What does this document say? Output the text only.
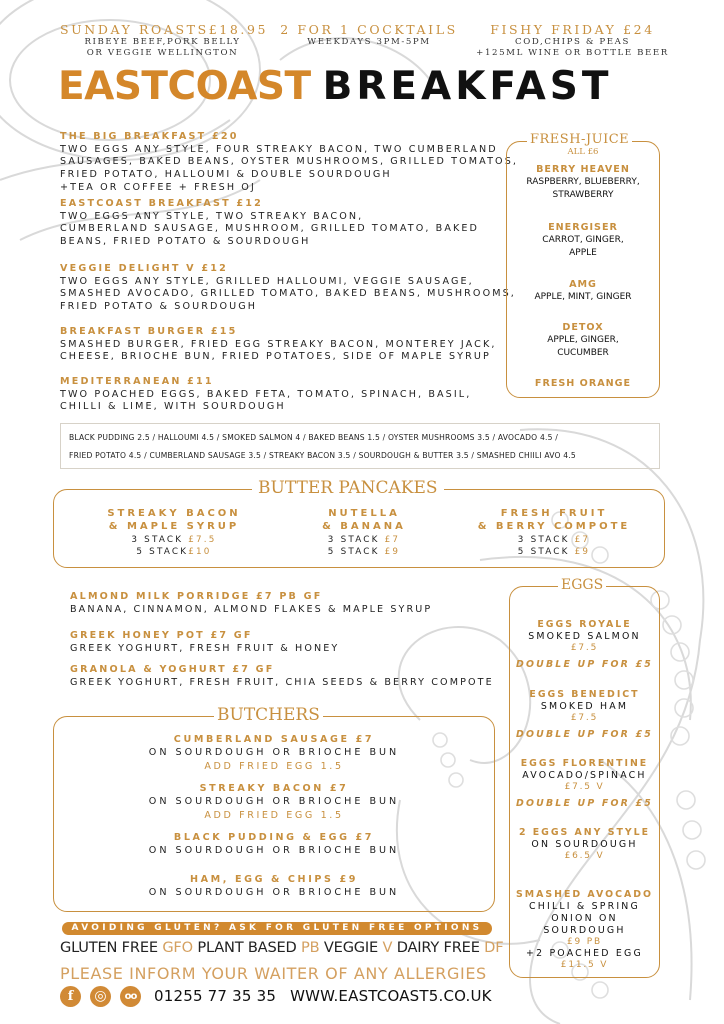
SUNDAY ROASTS£18.95
RIBEYE BEEF,PORK BELLY
OR VEGGIE WELLINGTON
2 FOR 1 COCKTAILS
WEEKDAYS 3PM-5PM
FISHY FRIDAY £24
COD,CHIPS & PEAS
+125ML WINE OR BOTTLE BEER
EASTCOAST BREAKFAST
THE BIG BREAKFAST £20
TWO EGGS ANY STYLE, FOUR STREAKY BACON, TWO CUMBERLAND
SAUSAGES, BAKED BEANS, OYSTER MUSHROOMS, GRILLED TOMATOS,
FRIED POTATO, HALLOUMI & DOUBLE SOURDOUGH
+TEA OR COFFEE + FRESH OJ
EASTCOAST BREAKFAST £12
TWO EGGS ANY STYLE, TWO STREAKY BACON,
CUMBERLAND SAUSAGE, MUSHROOM, GRILLED TOMATO, BAKED
BEANS, FRIED POTATO & SOURDOUGH
VEGGIE DELIGHT V £12
TWO EGGS ANY STYLE, GRILLED HALLOUMI, VEGGIE SAUSAGE,
SMASHED AVOCADO, GRILLED TOMATO, BAKED BEANS, MUSHROOMS,
FRIED POTATO & SOURDOUGH
BREAKFAST BURGER £15
SMASHED BURGER, FRIED EGG STREAKY BACON, MONTEREY JACK,
CHEESE, BRIOCHE BUN, FRIED POTATOES, SIDE OF MAPLE SYRUP
MEDITERRANEAN £11
TWO POACHED EGGS, BAKED FETA, TOMATO, SPINACH, BASIL,
CHILLI & LIME, WITH SOURDOUGH
FRESH-JUICE
ALL £6
BERRY HEAVEN
RASPBERRY, BLUEBERRY,
STRAWBERRY
ENERGISER
CARROT, GINGER,
APPLE
AMG
APPLE, MINT, GINGER
DETOX
APPLE, GINGER,
CUCUMBER
FRESH ORANGE
BLACK PUDDING 2.5 / HALLOUMI 4.5 / SMOKED SALMON 4 / BAKED BEANS 1.5 / OYSTER MUSHROOMS 3.5 / AVOCADO 4.5 /
FRIED POTATO 4.5 / CUMBERLAND SAUSAGE 3.5 / STREAKY BACON 3.5 / SOURDOUGH & BUTTER 3.5 / SMASHED CHIILI AVO 4.5
BUTTER PANCAKES
STREAKY BACON
& MAPLE SYRUP
3 STACK £7.5
5 STACK£10
NUTELLA
& BANANA
3 STACK £7
5 STACK £9
FRESH FRUIT
& BERRY COMPOTE
3 STACK £7
5 STACK £9
ALMOND MILK PORRIDGE £7 PB GF
BANANA, CINNAMON, ALMOND FLAKES & MAPLE SYRUP
GREEK HONEY POT £7 GF
GREEK YOGHURT, FRESH FRUIT & HONEY
GRANOLA & YOGHURT £7 GF
GREEK YOGHURT, FRESH FRUIT, CHIA SEEDS & BERRY COMPOTE
BUTCHERS
CUMBERLAND SAUSAGE £7
ON SOURDOUGH OR BRIOCHE BUN
ADD FRIED EGG 1.5
STREAKY BACON £7
ON SOURDOUGH OR BRIOCHE BUN
ADD FRIED EGG 1.5
BLACK PUDDING & EGG £7
ON SOURDOUGH OR BRIOCHE BUN
HAM, EGG & CHIPS £9
ON SOURDOUGH OR BRIOCHE BUN
EGGS
EGGS ROYALE
SMOKED SALMON
£7.5
DOUBLE UP FOR £5
EGGS BENEDICT
SMOKED HAM
£7.5
DOUBLE UP FOR £5
EGGS FLORENTINE
AVOCADO/SPINACH
£7.5 V
DOUBLE UP FOR £5
2 EGGS ANY STYLE
ON SOURDOUGH
£6.5 V
SMASHED AVOCADO
CHILLI & SPRING
ONION ON
SOURDOUGH
£9 PB
+2 POACHED EGG
£11.5 V
AVOIDING GLUTEN? ASK FOR GLUTEN FREE OPTIONS
GLUTEN FREE GFO PLANT BASED PB VEGGIE V DAIRY FREE DF
PLEASE INFORM YOUR WAITER OF ANY ALLERGIES
f	◎	oo	01255 77 35 35 WWW.EASTCOAST5.CO.UK
